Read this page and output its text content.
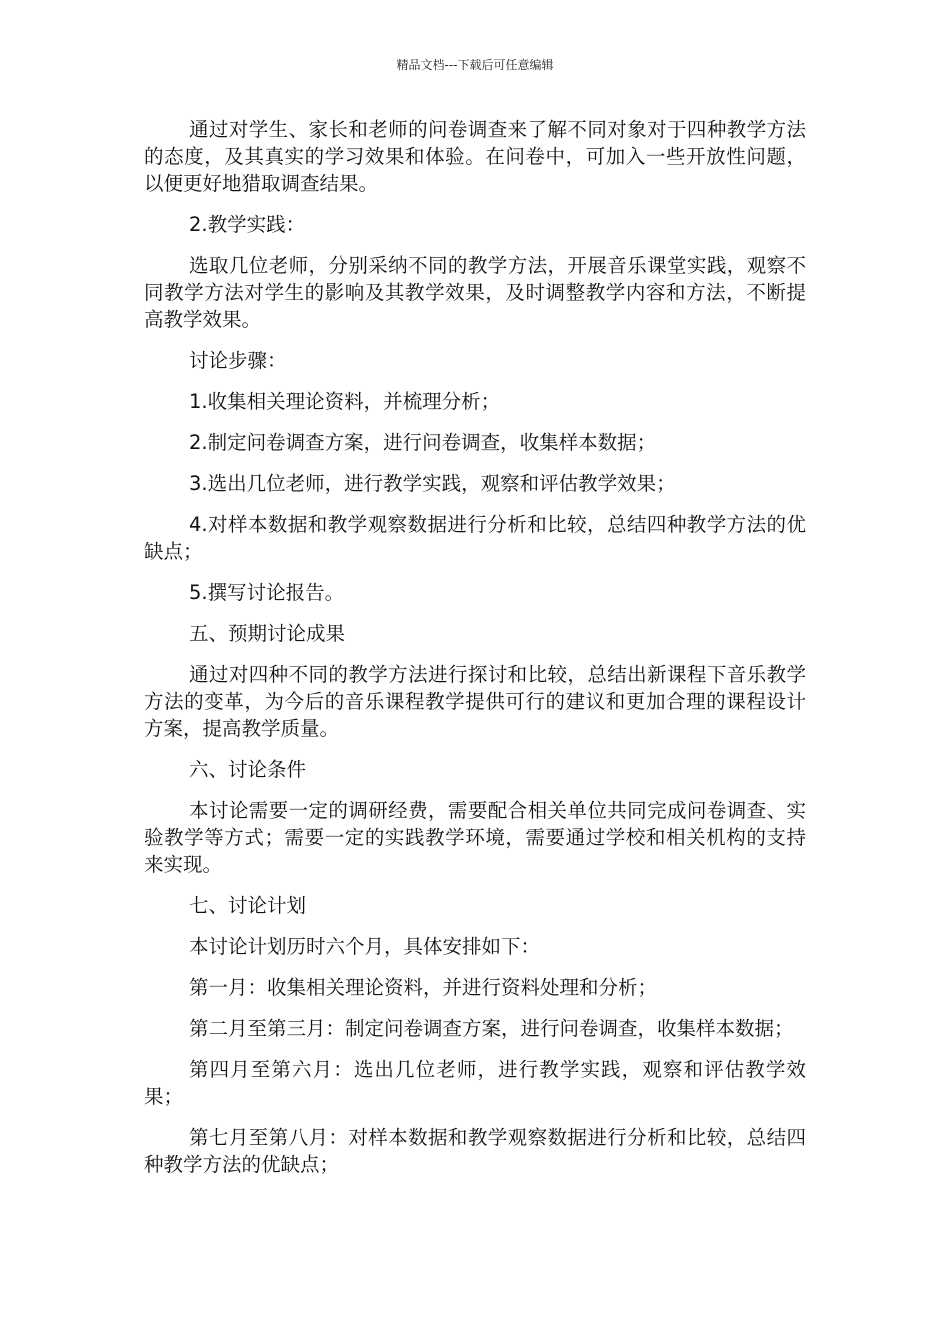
精品文档---下载后可任意编辑

通过对学生、家长和老师的问卷调查来了解不同对象对于四种教学方法的态度，及其真实的学习效果和体验。在问卷中，可加入一些开放性问题，以便更好地猎取调查结果。

2.教学实践：

选取几位老师，分别采纳不同的教学方法，开展音乐课堂实践，观察不同教学方法对学生的影响及其教学效果，及时调整教学内容和方法，不断提高教学效果。

讨论步骤：

1.收集相关理论资料，并梳理分析；

2.制定问卷调查方案，进行问卷调查，收集样本数据；

3.选出几位老师，进行教学实践，观察和评估教学效果；

4.对样本数据和教学观察数据进行分析和比较，总结四种教学方法的优缺点；

5.撰写讨论报告。

五、预期讨论成果

通过对四种不同的教学方法进行探讨和比较，总结出新课程下音乐教学方法的变革，为今后的音乐课程教学提供可行的建议和更加合理的课程设计方案，提高教学质量。

六、讨论条件

本讨论需要一定的调研经费，需要配合相关单位共同完成问卷调查、实验教学等方式；需要一定的实践教学环境，需要通过学校和相关机构的支持来实现。

七、讨论计划

本讨论计划历时六个月，具体安排如下：

第一月：收集相关理论资料，并进行资料处理和分析；

第二月至第三月：制定问卷调查方案，进行问卷调查，收集样本数据；

第四月至第六月：选出几位老师，进行教学实践，观察和评估教学效果；

第七月至第八月：对样本数据和教学观察数据进行分析和比较，总结四种教学方法的优缺点；
